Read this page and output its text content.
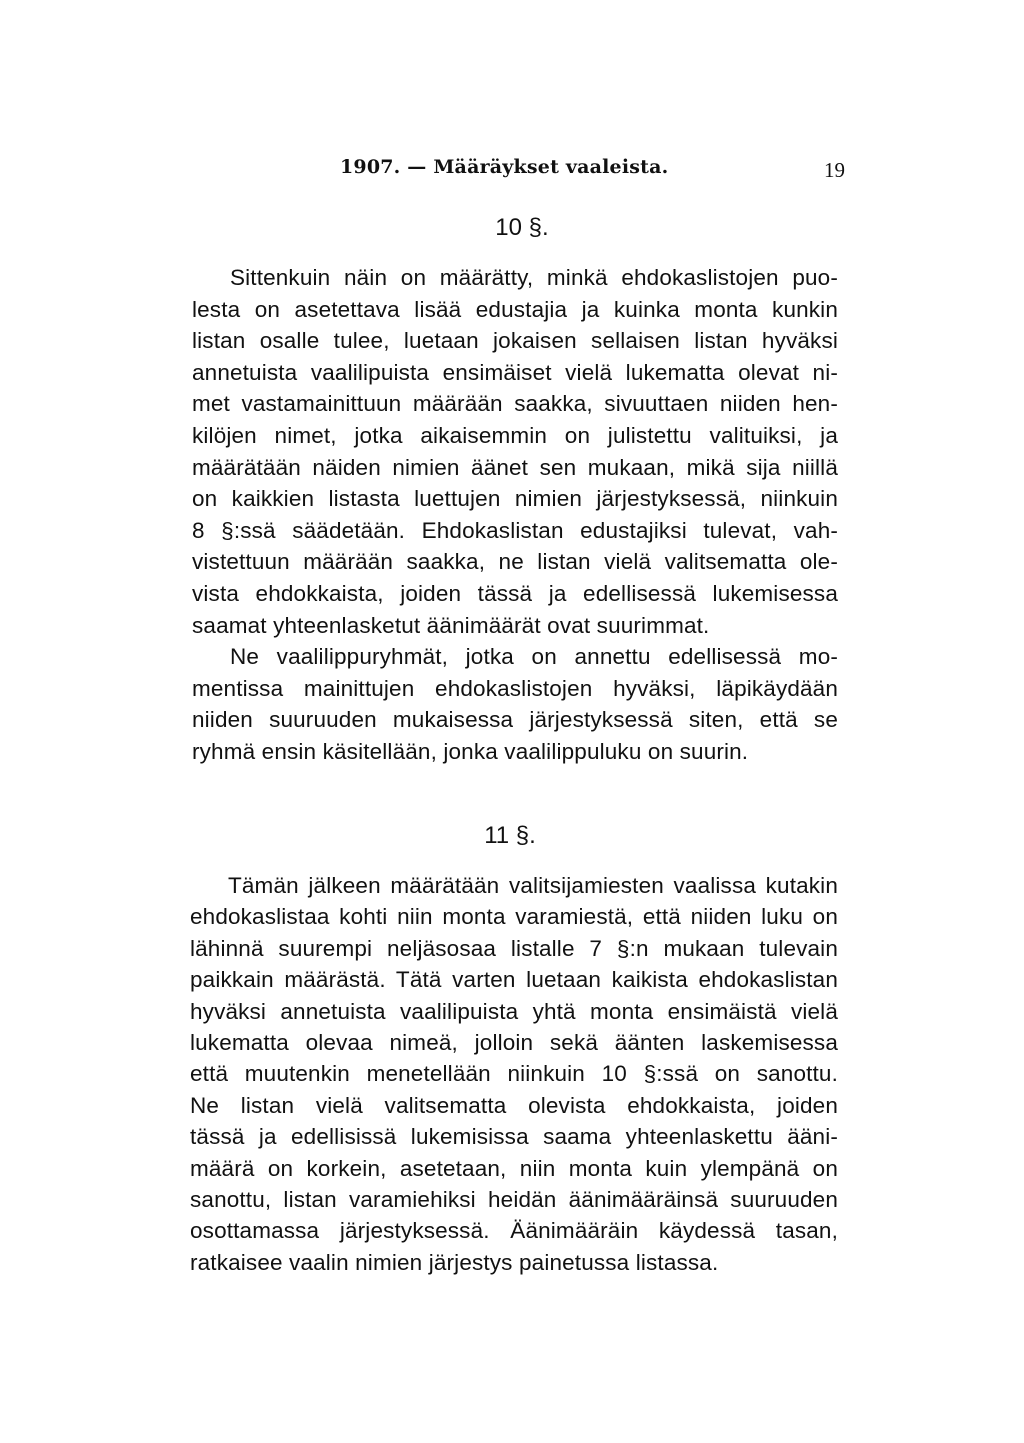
1907. — Määräykset vaaleista.	19
10 §.
Sittenkuin näin on määrätty, minkä ehdokaslistojen puo-
lesta on asetettava lisää edustajia ja kuinka monta kunkin
listan osalle tulee, luetaan jokaisen sellaisen listan hyväksi
annetuista vaalilipuista ensimäiset vielä lukematta olevat ni-
met vastamainittuun määrään saakka, sivuuttaen niiden hen-
kilöjen nimet, jotka aikaisemmin on julistettu valituiksi, ja
määrätään näiden nimien äänet sen mukaan, mikä sija niillä
on kaikkien listasta luettujen nimien järjestyksessä, niinkuin
8 §:ssä säädetään. Ehdokaslistan edustajiksi tulevat, vah-
vistettuun määrään saakka, ne listan vielä valitsematta ole-
vista ehdokkaista, joiden tässä ja edellisessä lukemisessa
saamat yhteenlasketut äänimäärät ovat suurimmat.
Ne vaalilippuryhmät, jotka on annettu edellisessä mo-
mentissa mainittujen ehdokaslistojen hyväksi, läpikäydään
niiden suuruuden mukaisessa järjestyksessä siten, että se
ryhmä ensin käsitellään, jonka vaalilippuluku on suurin.
11 §.
Tämän jälkeen määrätään valitsijamiesten vaalissa kutakin
ehdokaslistaa kohti niin monta varamiestä, että niiden luku on
lähinnä suurempi neljäsosaa listalle 7 §:n mukaan tulevain
paikkain määrästä. Tätä varten luetaan kaikista ehdokaslistan
hyväksi annetuista vaalilipuista yhtä monta ensimäistä vielä
lukematta olevaa nimeä, jolloin sekä äänten laskemisessa
että muutenkin menetellään niinkuin 10 §:ssä on sanottu.
Ne listan vielä valitsematta olevista ehdokkaista, joiden
tässä ja edellisissä lukemisissa saama yhteenlaskettu ääni-
määrä on korkein, asetetaan, niin monta kuin ylempänä on
sanottu, listan varamiehiksi heidän äänimääräinsä suuruuden
osottamassa järjestyksessä. Äänimääräin käydessä tasan,
ratkaisee vaalin nimien järjestys painetussa listassa.
